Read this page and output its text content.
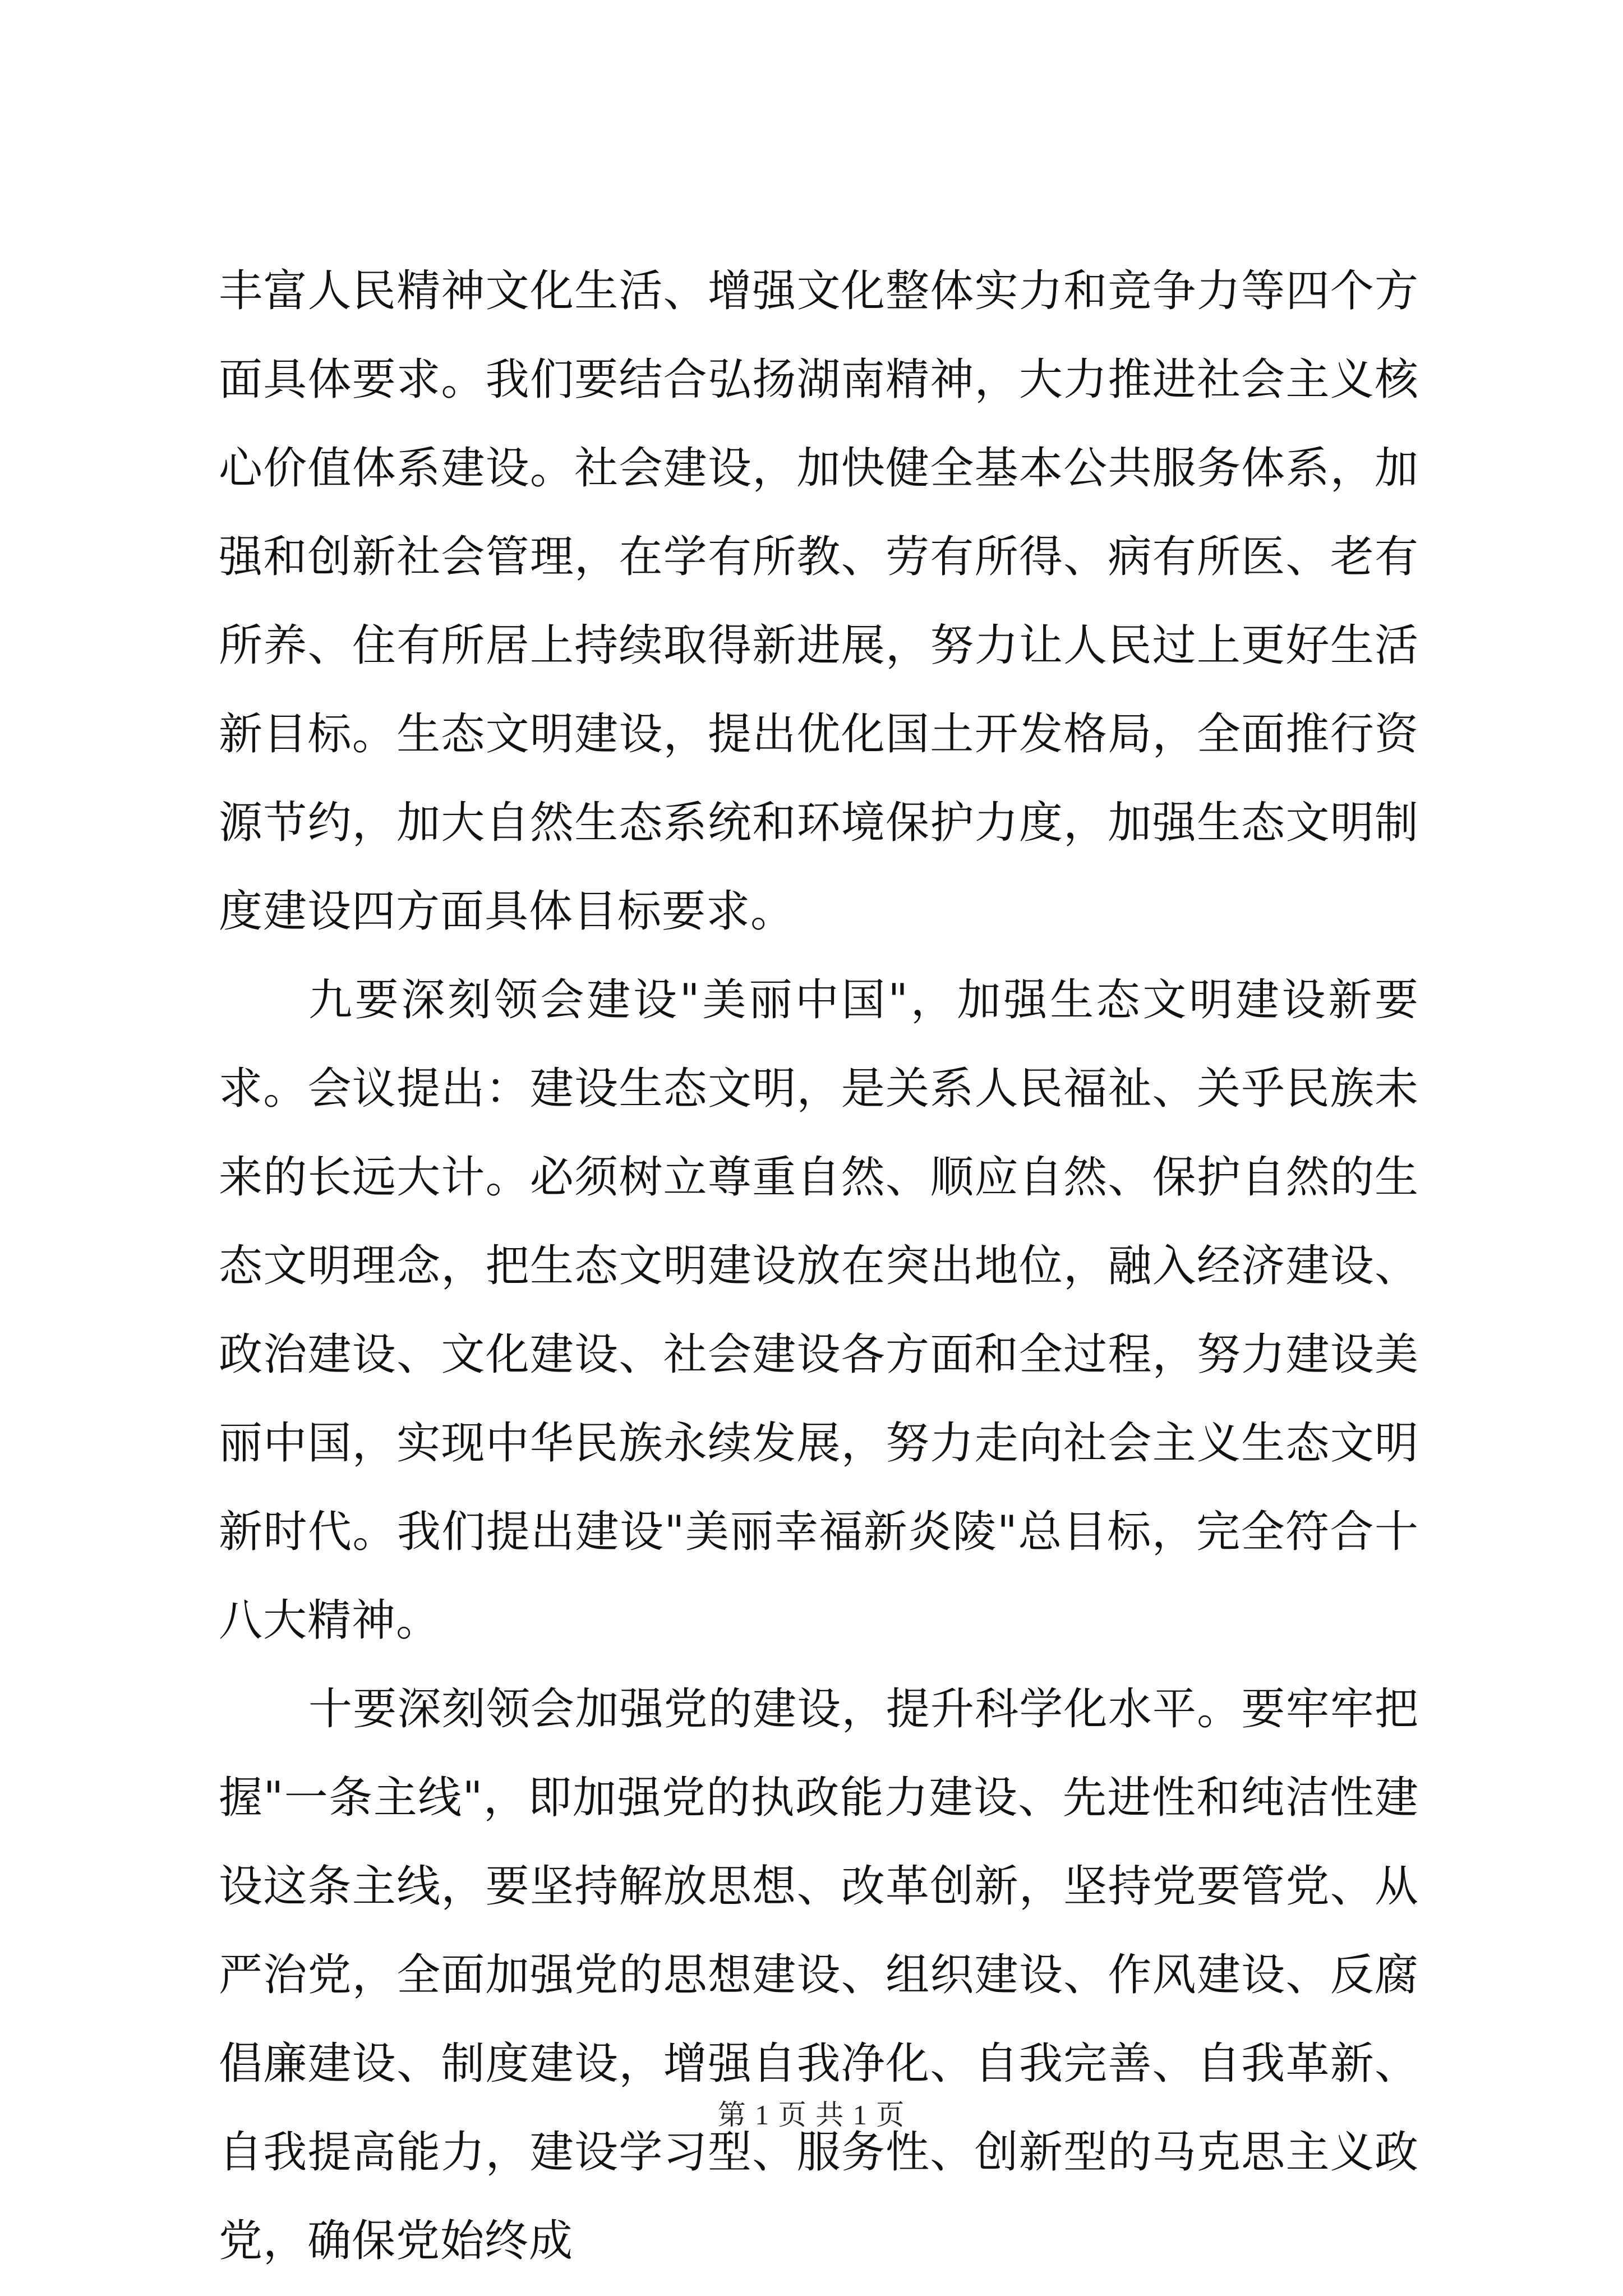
丰富人民精神文化生活、增强文化整体实力和竞争力等四个方面具体要求。我们要结合弘扬湖南精神，大力推进社会主义核心价值体系建设。社会建设，加快健全基本公共服务体系，加强和创新社会管理，在学有所教、劳有所得、病有所医、老有所养、住有所居上持续取得新进展，努力让人民过上更好生活新目标。生态文明建设，提出优化国土开发格局，全面推行资源节约，加大自然生态系统和环境保护力度，加强生态文明制度建设四方面具体目标要求。

九要深刻领会建设"美丽中国"，加强生态文明建设新要求。会议提出：建设生态文明，是关系人民福祉、关乎民族未来的长远大计。必须树立尊重自然、顺应自然、保护自然的生态文明理念，把生态文明建设放在突出地位，融入经济建设、政治建设、文化建设、社会建设各方面和全过程，努力建设美丽中国，实现中华民族永续发展，努力走向社会主义生态文明新时代。我们提出建设"美丽幸福新炎陵"总目标，完全符合十八大精神。

十要深刻领会加强党的建设，提升科学化水平。要牢牢把握"一条主线"，即加强党的执政能力建设、先进性和纯洁性建设这条主线，要坚持解放思想、改革创新，坚持党要管党、从严治党，全面加强党的思想建设、组织建设、作风建设、反腐倡廉建设、制度建设，增强自我净化、自我完善、自我革新、自我提高能力，建设学习型、服务性、创新型的马克思主义政党，确保党始终成

第 1 页 共 1 页
